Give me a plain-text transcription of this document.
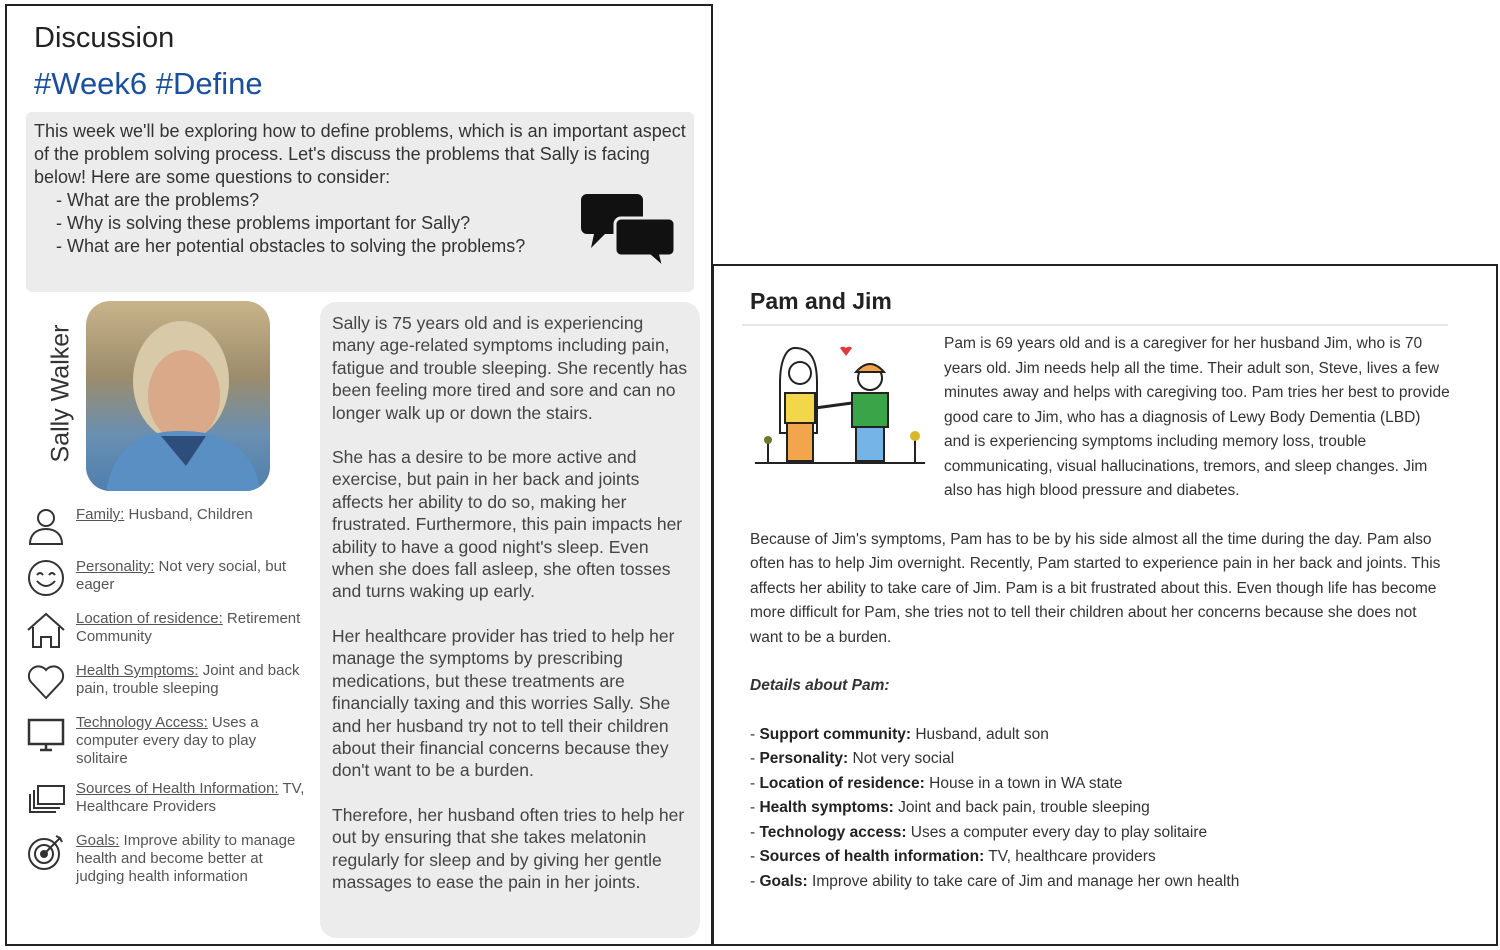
Discussion
#Week6 #Define
This week we'll be exploring how to define problems, which is an important aspect of the problem solving process. Let's discuss the problems that Sally is facing below! Here are some questions to consider:
- What are the problems?
- Why is solving these problems important for Sally?
- What are her potential obstacles to solving the problems?
Sally Walker
Family: Husband, Children
Personality: Not very social, but eager
Location of residence: Retirement Community
Health Symptoms: Joint and back pain, trouble sleeping
Technology Access: Uses a computer every day to play solitaire
Sources of Health Information: TV, Healthcare Providers
Goals: Improve ability to manage health and become better at judging health information

Sally is 75 years old and is experiencing many age-related symptoms including pain, fatigue and trouble sleeping. She recently has been feeling more tired and sore and can no longer walk up or down the stairs.

She has a desire to be more active and exercise, but pain in her back and joints affects her ability to do so, making her frustrated. Furthermore, this pain impacts her ability to have a good night's sleep. Even when she does fall asleep, she often tosses and turns waking up early.

Her healthcare provider has tried to help her manage the symptoms by prescribing medications, but these treatments are financially taxing and this worries Sally. She and her husband try not to tell their children about their financial concerns because they don't want to be a burden.

Therefore, her husband often tries to help her out by ensuring that she takes melatonin regularly for sleep and by giving her gentle massages to ease the pain in her joints.

Pam and Jim

Pam is 69 years old and is a caregiver for her husband Jim, who is 70 years old. Jim needs help all the time. Their adult son, Steve, lives a few minutes away and helps with caregiving too. Pam tries her best to provide good care to Jim, who has a diagnosis of Lewy Body Dementia (LBD) and is experiencing symptoms including memory loss, trouble communicating, visual hallucinations, tremors, and sleep changes. Jim also has high blood pressure and diabetes.

Because of Jim's symptoms, Pam has to be by his side almost all the time during the day. Pam also often has to help Jim overnight. Recently, Pam started to experience pain in her back and joints. This affects her ability to take care of Jim. Pam is a bit frustrated about this. Even though life has become more difficult for Pam, she tries not to tell their children about her concerns because she does not want to be a burden.

Details about Pam:
- Support community: Husband, adult son
- Personality: Not very social
- Location of residence: House in a town in WA state
- Health symptoms: Joint and back pain, trouble sleeping
- Technology access: Uses a computer every day to play solitaire
- Sources of health information: TV, healthcare providers
- Goals: Improve ability to take care of Jim and manage her own health
